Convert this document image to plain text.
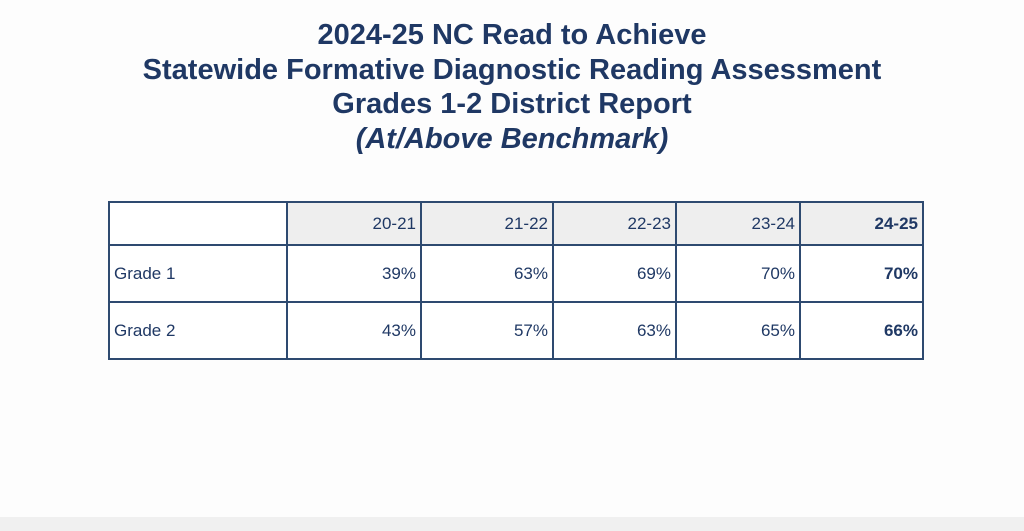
2024-25 NC Read to Achieve
Statewide Formative Diagnostic Reading Assessment
Grades 1-2 District Report
(At/Above Benchmark)
	20-21	21-22	22-23	23-24	24-25
Grade 1	39%	63%	69%	70%	70%
Grade 2	43%	57%	63%	65%	66%
